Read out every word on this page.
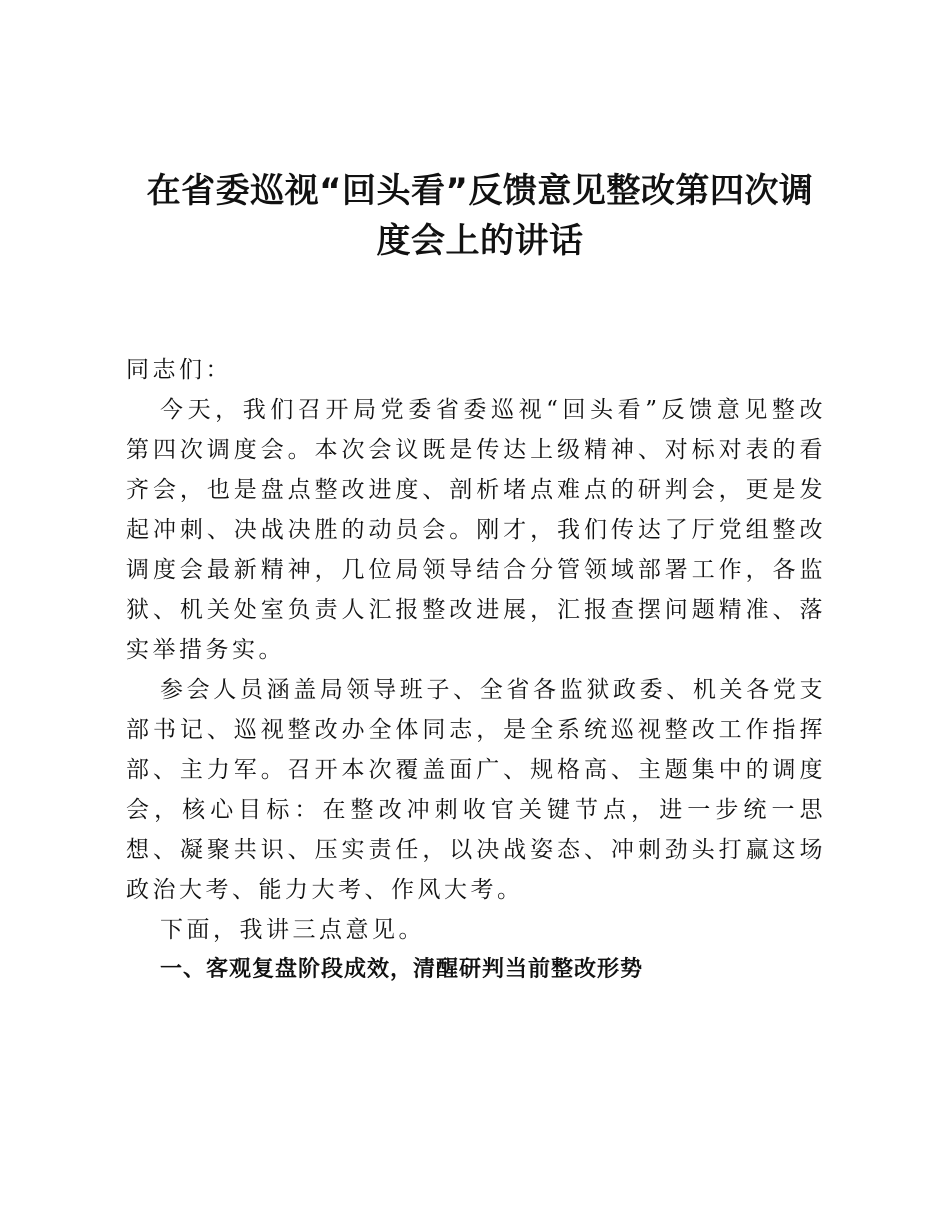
在省委巡视“回头看”反馈意见整改第四次调
度会上的讲话

同志们：

今天，我们召开局党委省委巡视“回头看”反馈意见整改第四次调度会。本次会议既是传达上级精神、对标对表的看齐会，也是盘点整改进度、剖析堵点难点的研判会，更是发起冲刺、决战决胜的动员会。刚才，我们传达了厅党组整改调度会最新精神，几位局领导结合分管领域部署工作，各监狱、机关处室负责人汇报整改进展，汇报查摆问题精准、落实举措务实。

参会人员涵盖局领导班子、全省各监狱政委、机关各党支部书记、巡视整改办全体同志，是全系统巡视整改工作指挥部、主力军。召开本次覆盖面广、规格高、主题集中的调度会，核心目标：在整改冲刺收官关键节点，进一步统一思想、凝聚共识、压实责任，以决战姿态、冲刺劲头打赢这场政治大考、能力大考、作风大考。

下面，我讲三点意见。

一、客观复盘阶段成效，清醒研判当前整改形势
